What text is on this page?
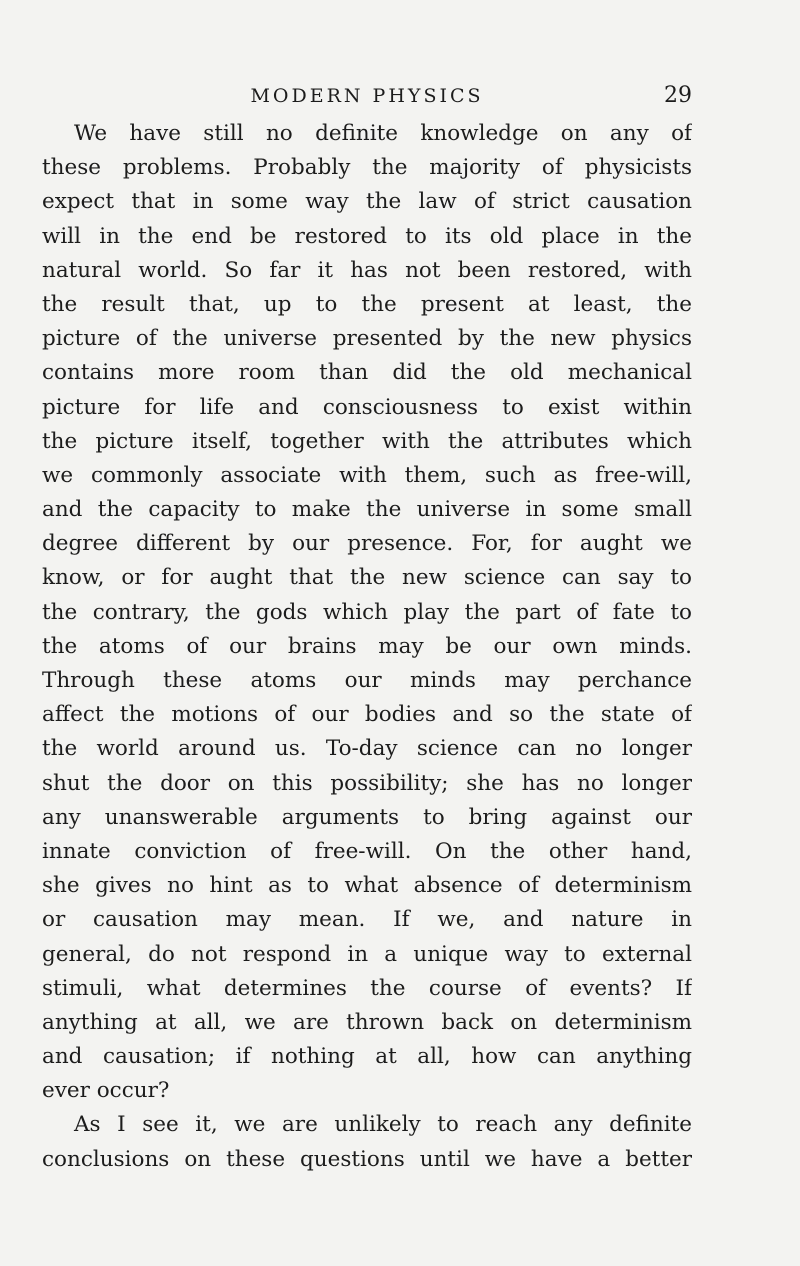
MODERN PHYSICS	29
We have still no definite knowledge on any of
these problems. Probably the majority of physicists
expect that in some way the law of strict causation
will in the end be restored to its old place in the
natural world. So far it has not been restored, with
the result that, up to the present at least, the
picture of the universe presented by the new physics
contains more room than did the old mechanical
picture for life and consciousness to exist within
the picture itself, together with the attributes which
we commonly associate with them, such as free-will,
and the capacity to make the universe in some small
degree different by our presence. For, for aught we
know, or for aught that the new science can say to
the contrary, the gods which play the part of fate to
the atoms of our brains may be our own minds.
Through these atoms our minds may perchance
affect the motions of our bodies and so the state of
the world around us. To-day science can no longer
shut the door on this possibility; she has no longer
any unanswerable arguments to bring against our
innate conviction of free-will. On the other hand,
she gives no hint as to what absence of determinism
or causation may mean. If we, and nature in
general, do not respond in a unique way to external
stimuli, what determines the course of events? If
anything at all, we are thrown back on determinism
and causation; if nothing at all, how can anything
ever occur?
As I see it, we are unlikely to reach any definite
conclusions on these questions until we have a better
